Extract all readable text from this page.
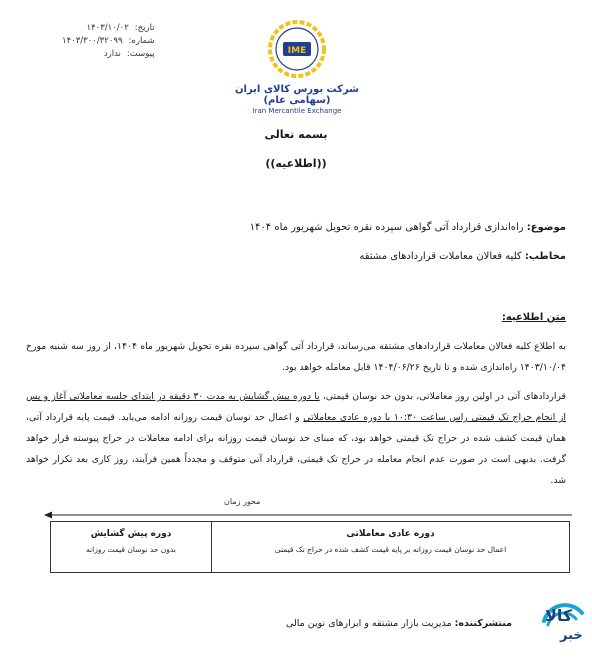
تاریخ:
۱۴۰۳/۱۰/۰۲
شماره:
۱۴۰۳/۳۰۰/۳۲۰۹۹
پیوست:
ندارد	IME
شرکت بورس کالای ایران (سهامی عام)
Iran Mercantile Exchange
بسمه تعالی
((اطلاعیه))
موضوع: راه‌اندازی قرارداد آتی گواهی سپرده نقره تحویل شهریور ماه ۱۴۰۴
مخاطب: کلیه فعالان معاملات قراردادهای مشتقه
متن اطلاعیه:
به اطلاع کلیه فعالان معاملات قراردادهای مشتقه می‌رساند، قرارداد آتی گواهی سپرده نقره تحویل شهریور ماه ۱۴۰۴، از روز سه شنبه مورخ ۱۴۰۳/۱۰/۰۴ راه‌اندازی شده و تا تاریخ ۱۴۰۴/۰۶/۲۶ قابل معامله خواهد بود.
قراردادهای آتی در اولین روز معاملاتی، بدون حد نوسان قیمتی، با دوره پیش گشایش به مدت ۳۰ دقیقه در ابتدای جلسه معاملاتی آغاز و پس از انجام حراج تک قیمتی راس ساعت ۱۰:۳۰ با دوره عادی معاملاتی و اعمال حد نوسان قیمت روزانه ادامه می‌یابد. قیمت پایه قرارداد آتی، همان قیمت کشف شده در حراج تک قیمتی خواهد بود، که مبنای حد نوسان قیمت روزانه برای ادامه معاملات در حراج پیوسته قرار خواهد گرفت. بدیهی است در صورت عدم انجام معامله در حراج تک قیمتی، قرارداد آتی متوقف و مجدداً همین فرآیند، روز کاری بعد تکرار خواهد شد.
محور زمان
دوره پیش گشایش
بدون حد نوسان قیمت روزانه
دوره عادی معاملاتی
اعمال حد نوسان قیمت روزانه بر پایه قیمت کشف شده در حراج تک قیمتی
منتشرکننده: مدیریت بازار مشتقه و ابزارهای نوین مالی	کالا
خبر
